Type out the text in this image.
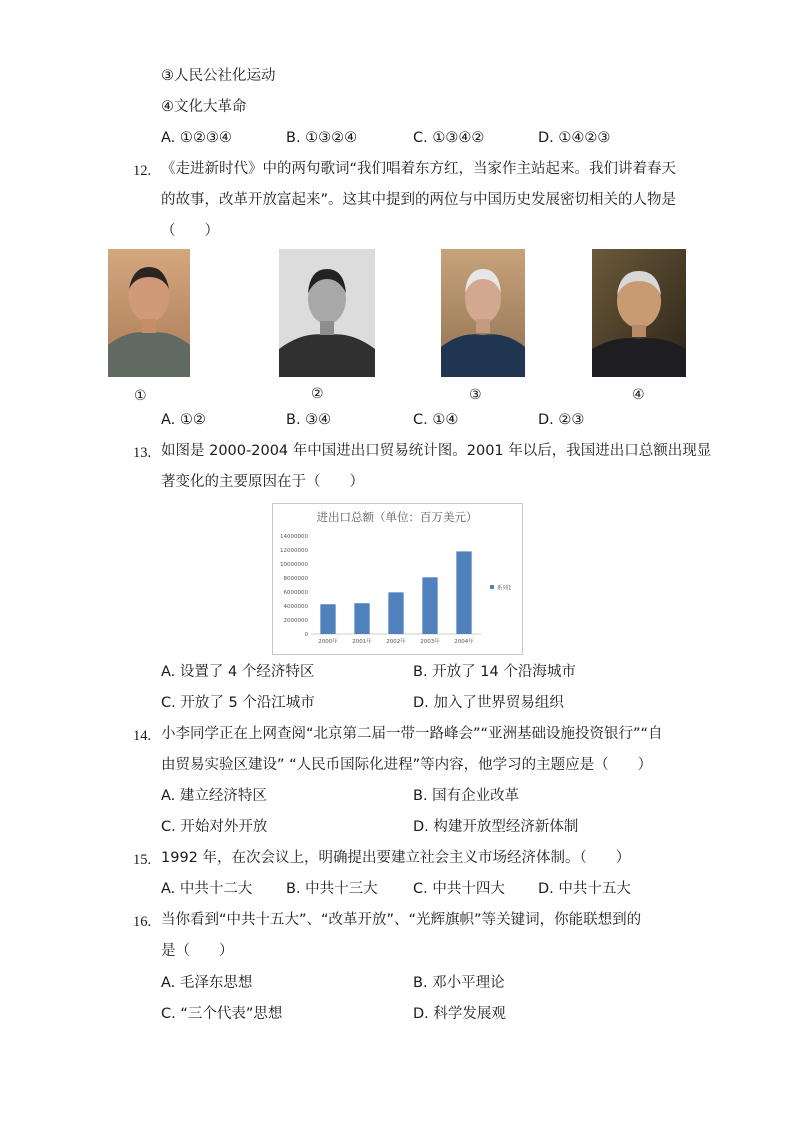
③人民公社化运动
④文化大革命
A. ①②③④	B. ①③②④	C. ①③④②	D. ①④②③
12. 《走进新时代》中的两句歌词“我们唱着东方红，当家作主站起来。我们讲着春天
的故事，改革开放富起来”。这其中提到的两位与中国历史发展密切相关的人物是
（　　）
①	②	③	④
A. ①②	B. ③④	C. ①④	D. ②③
13. 如图是 2000-2004 年中国进出口贸易统计图。2001 年以后，我国进出口总额出现显
著变化的主要原因在于（　　）
进出口总额（单位：百万美元）
14000000
12000000
10000000
8000000
6000000
4000000
2000000
0
2000年	2001年	2002年	2003年	2004年
系列1
A. 设置了 4 个经济特区	B. 开放了 14 个沿海城市
C. 开放了 5 个沿江城市	D. 加入了世界贸易组织
14. 小李同学正在上网查阅“北京第二届一带一路峰会”“亚洲基础设施投资银行”“自
由贸易实验区建设” “人民币国际化进程”等内容，他学习的主题应是（　　）
A. 建立经济特区	B. 国有企业改革
C. 开始对外开放	D. 构建开放型经济新体制
15. 1992 年，在次会议上，明确提出要建立社会主义市场经济体制。（　　）
A. 中共十二大 B. 中共十三大 C. 中共十四大 D. 中共十五大
16. 当你看到“中共十五大”、“改革开放”、“光辉旗帜”等关键词，你能联想到的
是（　　）
A. 毛泽东思想	B. 邓小平理论
C. “三个代表”思想	D. 科学发展观
